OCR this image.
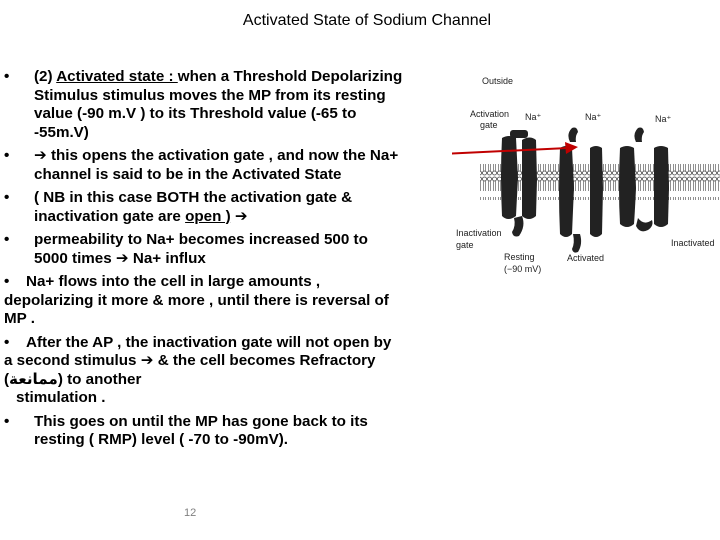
Activated State of Sodium Channel
•	(2) Activated state : when a Threshold Depolarizing Stimulus stimulus moves the MP from its resting value (-90 m.V ) to its Threshold value (-65 to -55m.V)
•	➔ this opens the activation gate , and now the Na+ channel is said to be in the Activated State
•	( NB in this case BOTH the activation gate & inactivation gate are open ) ➔
•	permeability to Na+ becomes increased 500 to 5000 times ➔ Na+ influx
• Na+ flows into the cell in large amounts , depolarizing it more & more , until there is reversal of MP .
• After the AP , the inactivation gate will not open by a second stimulus ➔ & the cell becomes Refractory (ممانعة) to another
stimulation .
•	This goes on until the MP has gone back to its resting ( RMP) level ( -70 to -90mV).
12
Outside
Activation
gate
Inactivation
gate
Na⁺	Na⁺	Na⁺
Resting
(−90 mV)
Activated
Inactivated
